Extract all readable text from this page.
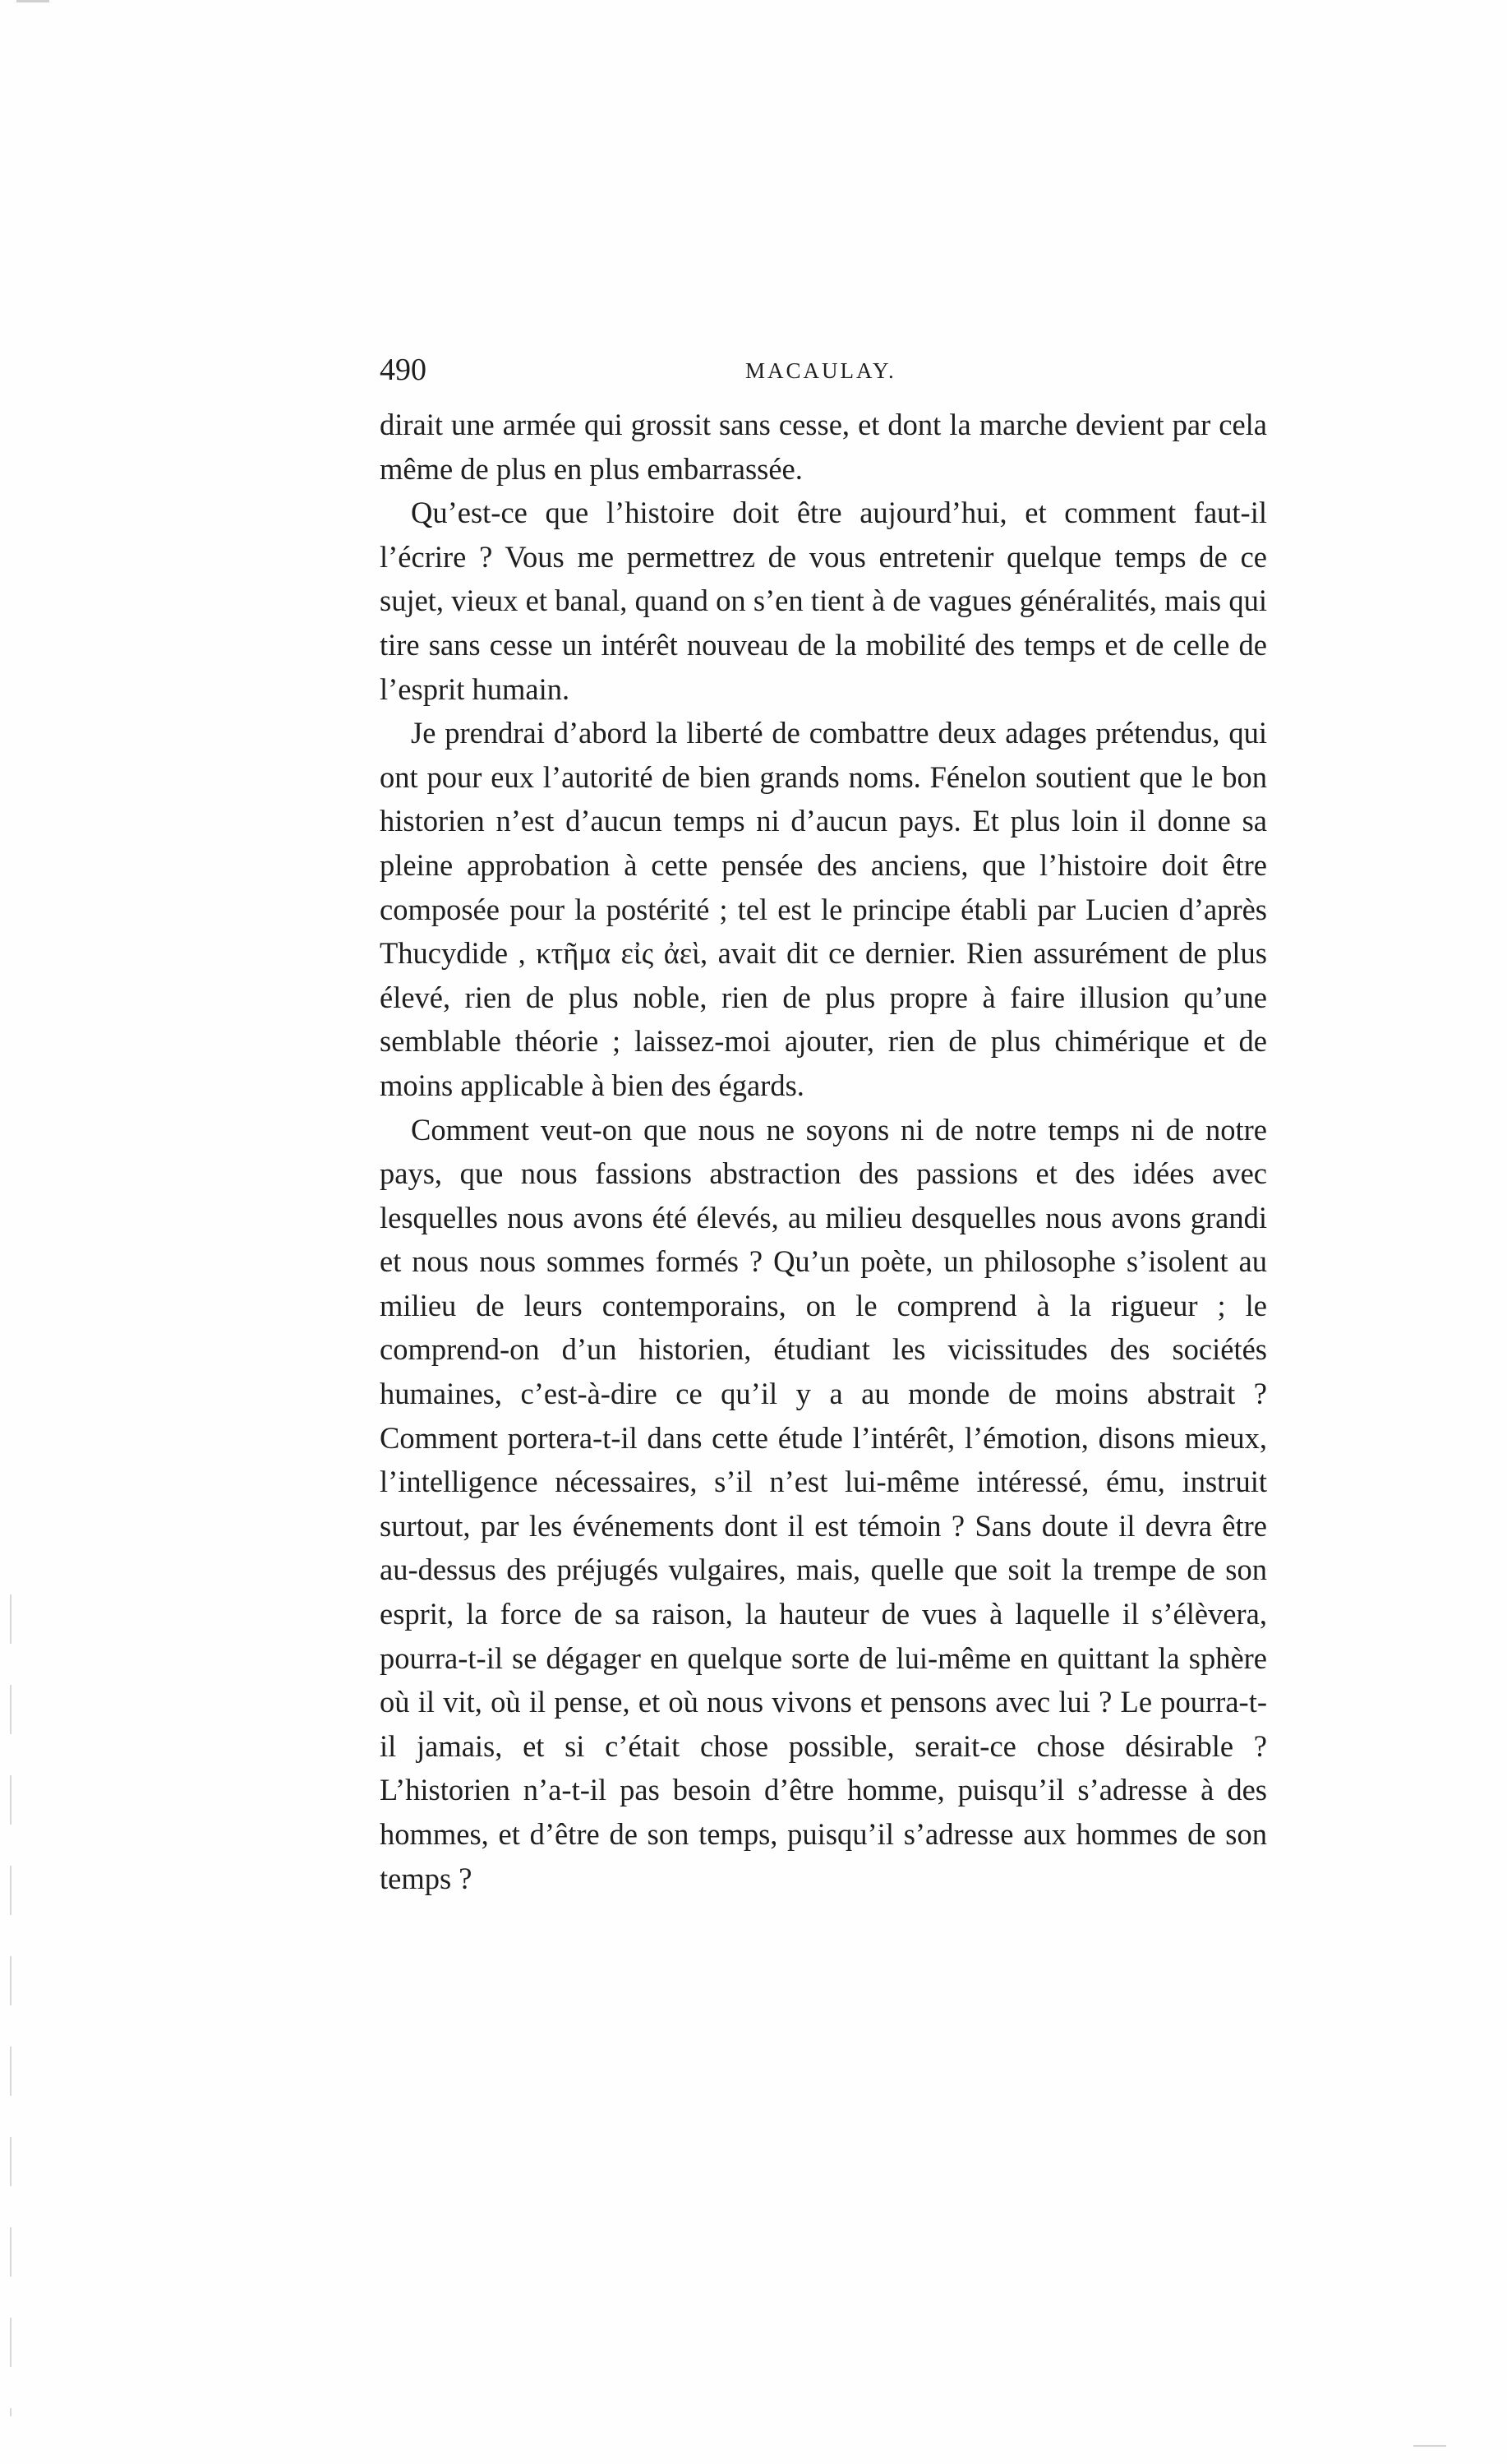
490	MACAULAY.

dirait une armée qui grossit sans cesse, et dont la marche devient par cela même de plus en plus embarrassée.

Qu’est-ce que l’histoire doit être aujourd’hui, et comment faut-il l’écrire ? Vous me permettrez de vous entretenir quelque temps de ce sujet, vieux et banal, quand on s’en tient à de vagues généralités, mais qui tire sans cesse un intérêt nouveau de la mobilité des temps et de celle de l’esprit humain.

Je prendrai d’abord la liberté de combattre deux adages prétendus, qui ont pour eux l’autorité de bien grands noms. Fénelon soutient que le bon historien n’est d’aucun temps ni d’aucun pays. Et plus loin il donne sa pleine approbation à cette pensée des anciens, que l’histoire doit être composée pour la postérité ; tel est le principe établi par Lucien d’après Thucydide , κτῆμα εἰς ἀεὶ, avait dit ce dernier. Rien assurément de plus élevé, rien de plus noble, rien de plus propre à faire illusion qu’une semblable théorie ; laissez-moi ajouter, rien de plus chimérique et de moins applicable à bien des égards.

Comment veut-on que nous ne soyons ni de notre temps ni de notre pays, que nous fassions abstraction des passions et des idées avec lesquelles nous avons été élevés, au milieu desquelles nous avons grandi et nous nous sommes formés ? Qu’un poète, un philosophe s’isolent au milieu de leurs contemporains, on le comprend à la rigueur ; le comprend-on d’un historien, étudiant les vicissitudes des sociétés humaines, c’est-à-dire ce qu’il y a au monde de moins abstrait ? Comment portera-t-il dans cette étude l’intérêt, l’émotion, disons mieux, l’intelligence nécessaires, s’il n’est lui-même intéressé, ému, instruit surtout, par les événements dont il est témoin ? Sans doute il devra être au-dessus des préjugés vulgaires, mais, quelle que soit la trempe de son esprit, la force de sa raison, la hauteur de vues à laquelle il s’élèvera, pourra-t-il se dégager en quelque sorte de lui-même en quittant la sphère où il vit, où il pense, et où nous vivons et pensons avec lui ? Le pourra-t-il jamais, et si c’était chose possible, serait-ce chose désirable ? L’historien n’a-t-il pas besoin d’être homme, puisqu’il s’adresse à des hommes, et d’être de son temps, puisqu’il s’adresse aux hommes de son temps ?
